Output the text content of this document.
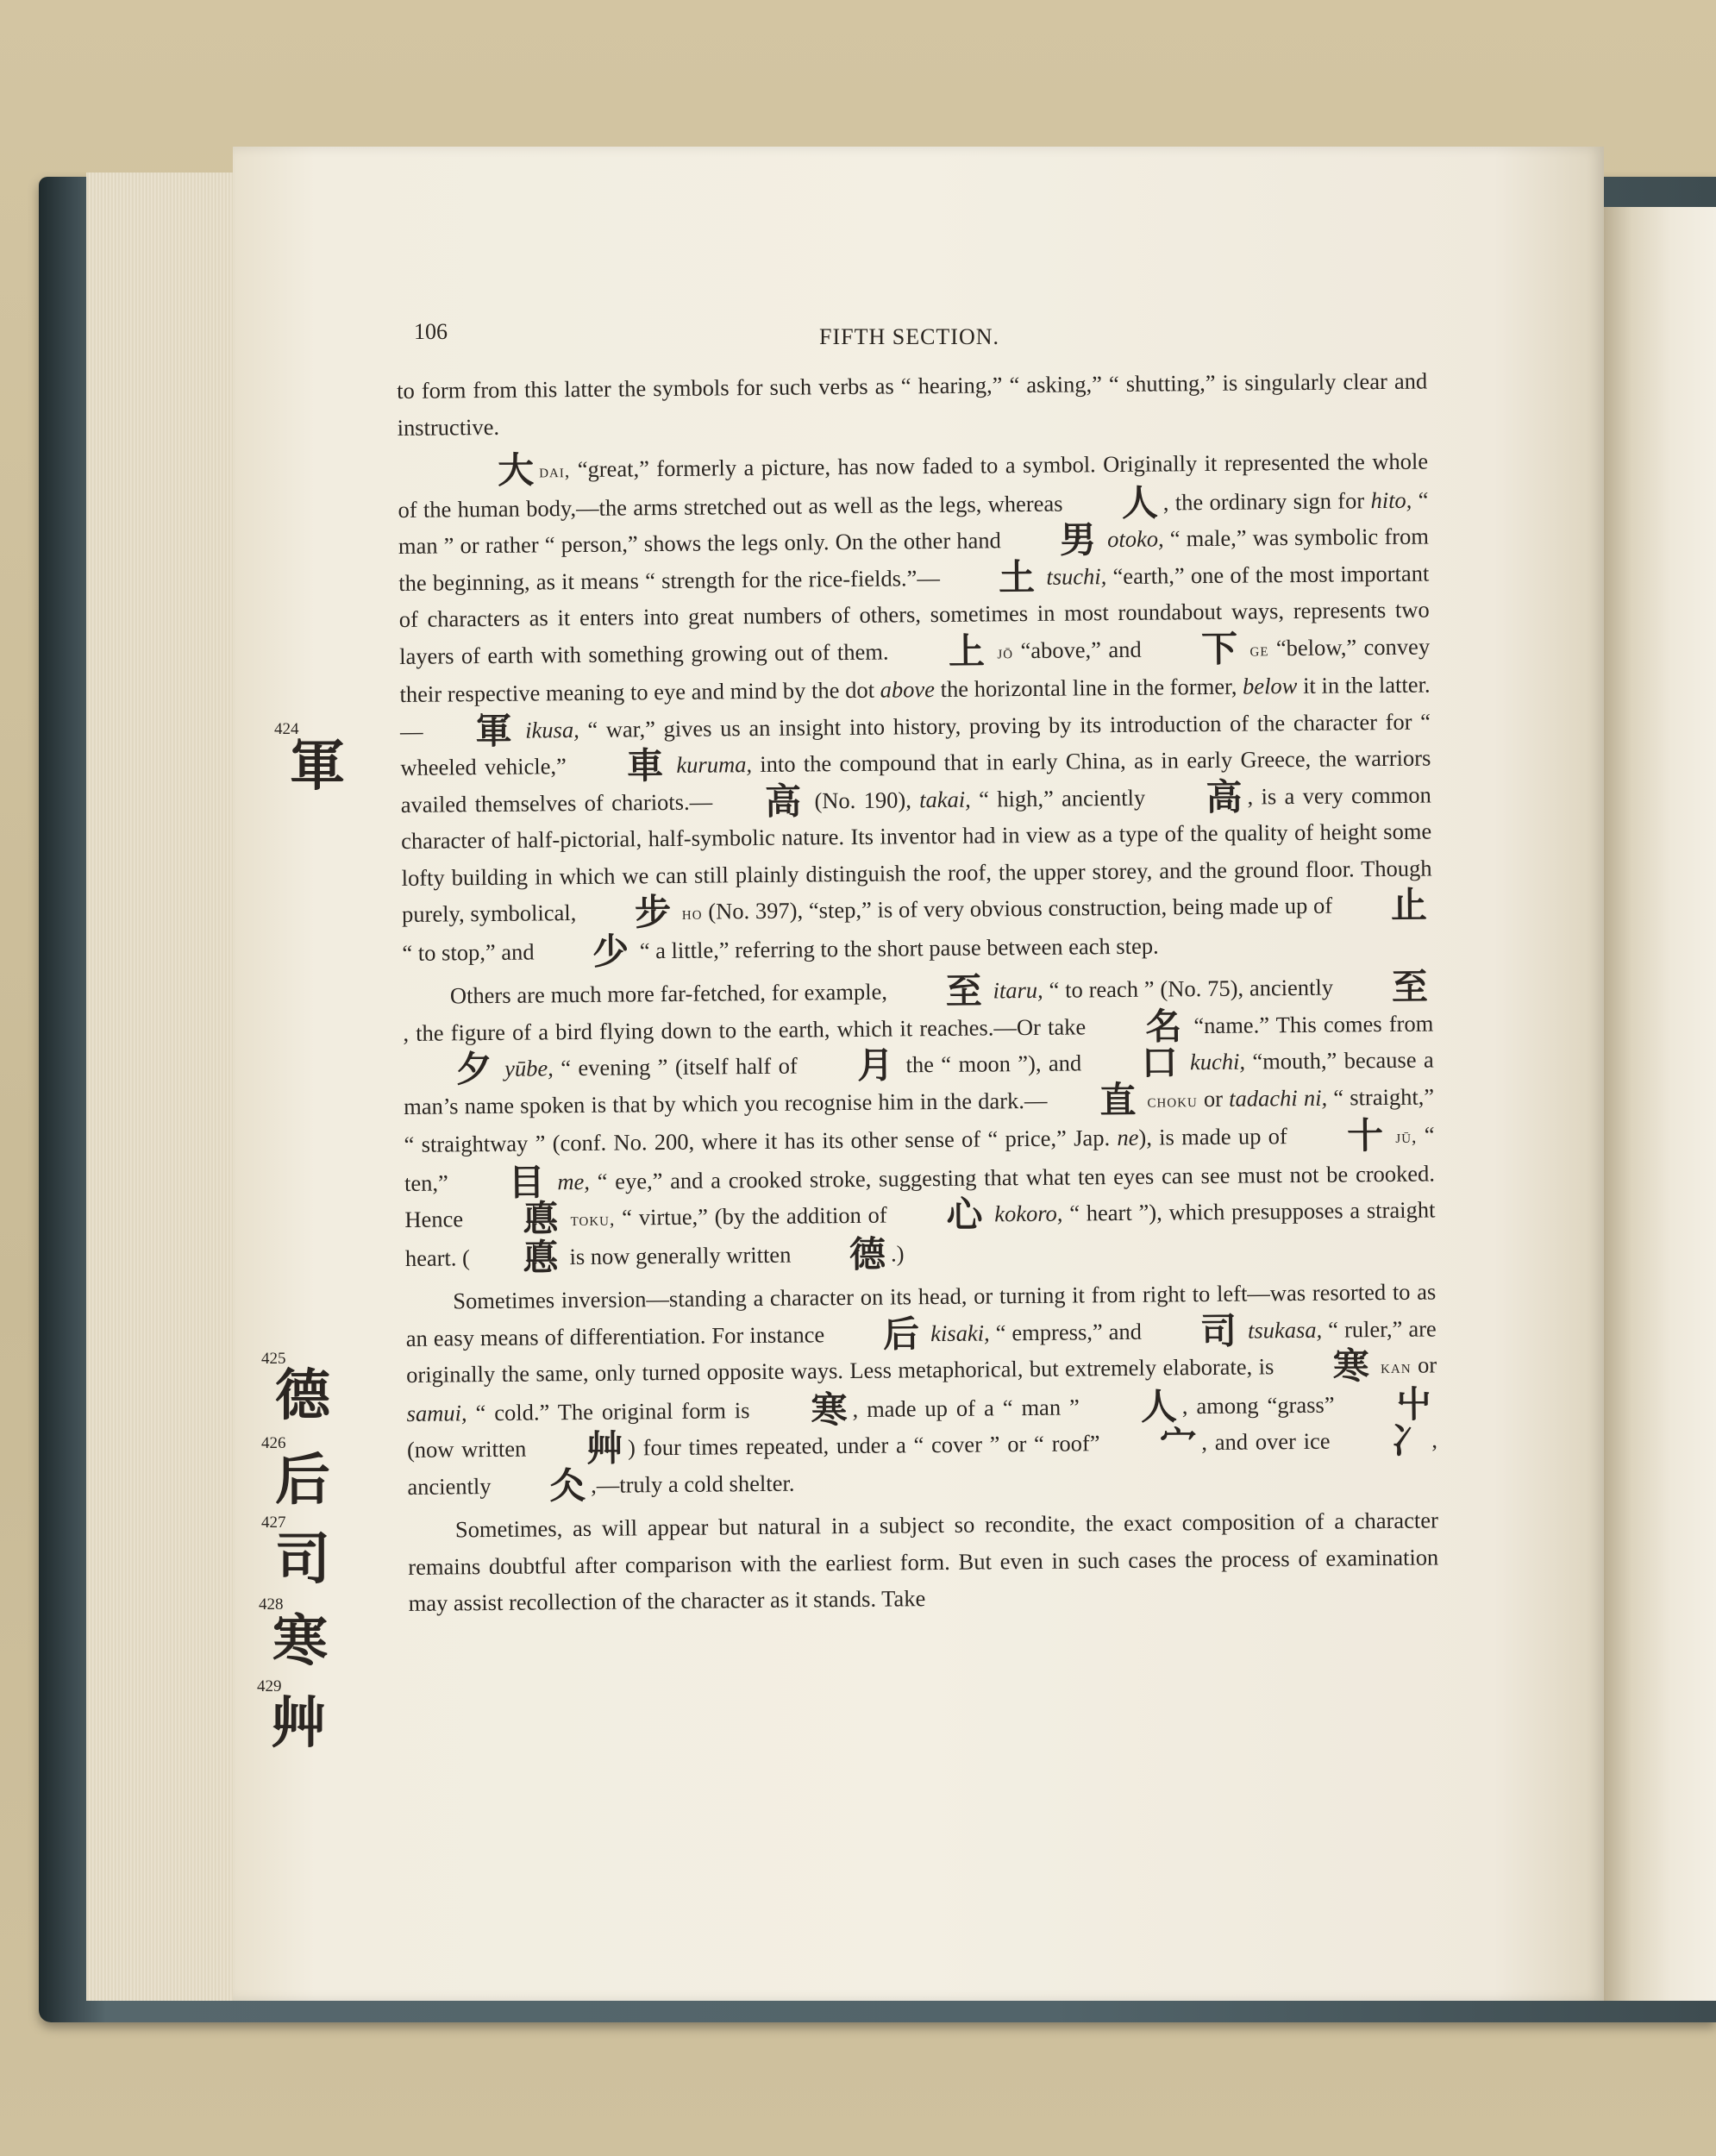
106	FIFTH SECTION.
424
軍
425
德
426
后
427
司
428
寒
429
艸

to form from this latter the symbols for such verbs as “ hearing,” “ asking,” “ shutting,” is singularly clear and instructive.

大dai, “great,” formerly a picture, has now faded to a symbol. Originally it represented the whole of the human body,—the arms stretched out as well as the legs, whereas 人 , the ordinary sign for hito, “ man ” or rather “ person,” shows the legs only. On the other hand 男 otoko, “ male,” was symbolic from the beginning, as it means “ strength for the rice-fields.”— 土 tsuchi, “earth,” one of the most important of characters as it enters into great numbers of others, sometimes in most roundabout ways, represents two layers of earth with something growing out of them. 上 jō “above,” and 下 ge “below,” convey their respective meaning to eye and mind by the dot above the horizontal line in the former, below it in the latter.— 軍 ikusa, “ war,” gives us an insight into history, proving by its introduction of the character for “ wheeled vehicle,” 車 kuruma, into the compound that in early China, as in early Greece, the warriors availed themselves of chariots.— 高 (No. 190), takai, “ high,” anciently 高 , is a very common character of half-pictorial, half-symbolic nature. Its inventor had in view as a type of the quality of height some lofty building in which we can still plainly distinguish the roof, the upper storey, and the ground floor. Though purely, symbolical, 步 ho (No. 397), “step,” is of very obvious construction, being made up of 止 “ to stop,” and 少 “ a little,” referring to the short pause between each step.

Others are much more far-fetched, for example, 至 itaru, “ to reach ” (No. 75), anciently 至, the figure of a bird flying down to the earth, which it reaches.—Or take 名 “name.” This comes from 夕 yūbe, “ evening ” (itself half of 月 the “ moon ”), and 口 kuchi, “mouth,” because a man’s name spoken is that by which you recognise him in the dark.— 直 choku or tadachi ni, “ straight,” “ straightway ” (conf. No. 200, where it has its other sense of “ price,” Jap. ne), is made up of 十 jū, “ ten,” 目 me, “ eye,” and a crooked stroke, suggesting that what ten eyes can see must not be crooked. Hence 悳 toku, “ virtue,” (by the addition of 心 kokoro, “ heart ”), which presupposes a straight heart. ( 悳 is now generally written 德 .)

Sometimes inversion—standing a character on its head, or turning it from right to left—was resorted to as an easy means of differentiation. For instance 后 kisaki, “ empress,” and 司 tsukasa, “ ruler,” are originally the same, only turned opposite ways. Less metaphorical, but extremely elaborate, is 寒 kan or samui, “ cold.” The original form is 寒 , made up of a “ man ” 人 , among “grass” 屮 (now written 艸 ) four times repeated, under a “ cover ” or “ roof” 宀 , and over ice 冫 , anciently 仌 ,—truly a cold shelter.

Sometimes, as will appear but natural in a subject so recondite, the exact composition of a character remains doubtful after comparison with the earliest form. But even in such cases the process of examination may assist recollection of the character as it stands. Take
